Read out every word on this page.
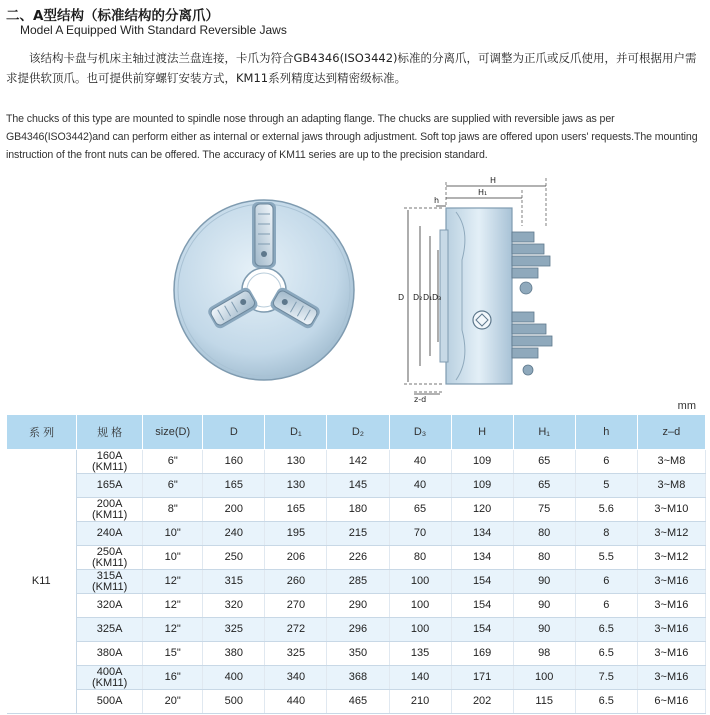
二、A型结构（标准结构的分离爪）
Model A Equipped With Standard Reversible Jaws
该结构卡盘与机床主轴过渡法兰盘连接，卡爪为符合GB4346(ISO3442)标准的分离爪，可调整为正爪或反爪使用，并可根据用户需求提供软顶爪。也可提供前穿螺钉安装方式，KM11系列精度达到精密级标准。
The chucks of this type are mounted to spindle nose through an adapting flange. The chucks are supplied with reversible jaws as per GB4346(ISO3442)and can perform either as internal or external jaws through adjustment. Soft top jaws are offered upon users' requests.The mounting instruction of the front nuts can be offered. The accuracy of KM11 series are up to the precision standard.
H
H₁
h
D D₂ D₁ D₃
z-d
mm
系 列	规 格	size(D)	D	D₁	D₂	D₃	H	H₁	h	z–d
K11	160A
(KM11)	6"	160	130	142	40	109	65	6	3~M8
	165A	6"	165	130	145	40	109	65	5	3~M8
	200A
(KM11)	8"	200	165	180	65	120	75	5.6	3~M10
	240A	10"	240	195	215	70	134	80	8	3~M12
	250A
(KM11)	10"	250	206	226	80	134	80	5.5	3~M12
	315A
(KM11)	12"	315	260	285	100	154	90	6	3~M16
	320A	12"	320	270	290	100	154	90	6	3~M16
	325A	12"	325	272	296	100	154	90	6.5	3~M16
	380A	15"	380	325	350	135	169	98	6.5	3~M16
	400A
(KM11)	16"	400	340	368	140	171	100	7.5	3~M16
	500A	20"	500	440	465	210	202	115	6.5	6~M16
